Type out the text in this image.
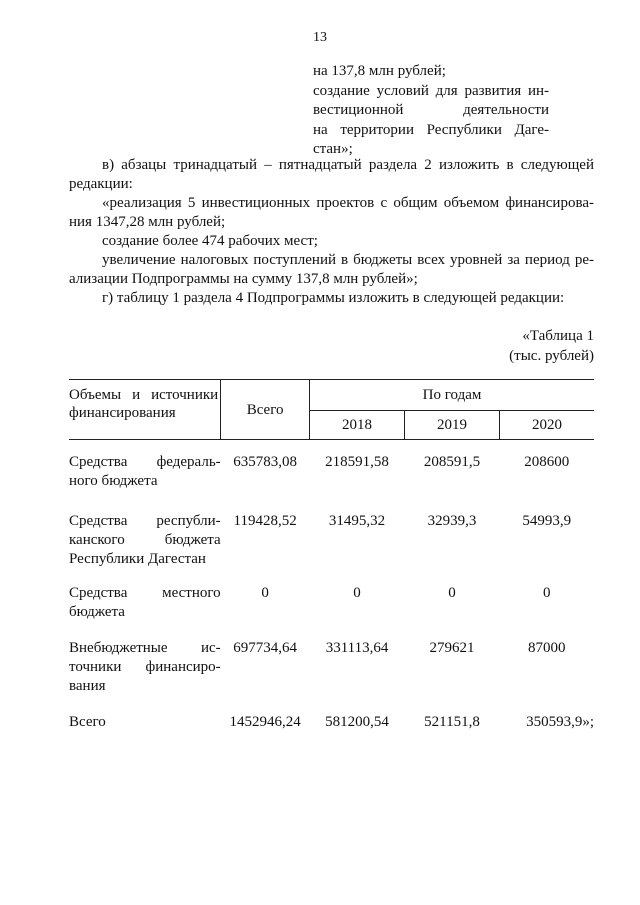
13

на 137,8 млн рублей;

создание условий для развития ин-

вестиционной	деятельности

на территории Республики Даге-

стан»;

в) абзацы тринадцатый – пятнадцатый раздела 2 изложить в следующей

редакции:

«реализация 5 инвестиционных проектов с общим объемом финансирова-

ния 1347,28 млн рублей;

создание более 474 рабочих мест;

увеличение налоговых поступлений в бюджеты всех уровней за период ре-

ализации Подпрограммы на сумму 137,8 млн рублей»;

г) таблицу 1 раздела 4 Подпрограммы изложить в следующей редакции:

«Таблица 1
(тыс. рублей)
Объемы и источники
финансирования	Всего	По годам		
		2018	2019	2020

Средства федераль-
ного бюджета	635783,08	218591,58	208591,5	208600

Средства республи-
канского бюджета
Республики Дагестан	119428,52	31495,32	32939,3	54993,9

Средства местного
бюджета	0	0	0	0

Внебюджетные ис-
точники финансиро-
вания	697734,64	331113,64	279621	87000
Всего	1452946,24	581200,54	521151,8	350593,9»;
